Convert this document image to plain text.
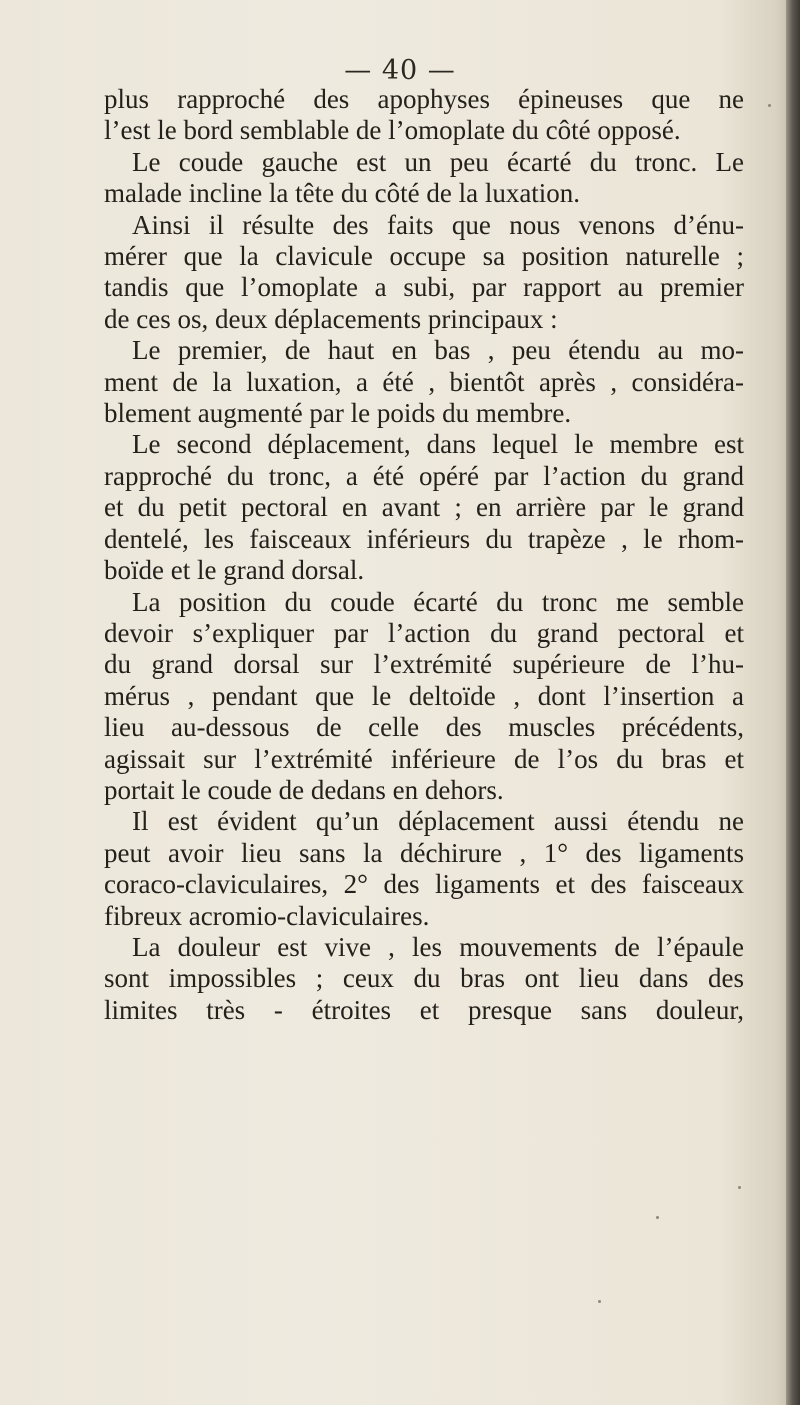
— 40 —
plus rapproché des apophyses épineuses que ne
l’est le bord semblable de l’omoplate du côté opposé.
Le coude gauche est un peu écarté du tronc. Le
malade incline la tête du côté de la luxation.
Ainsi il résulte des faits que nous venons d’énu-
mérer que la clavicule occupe sa position naturelle ;
tandis que l’omoplate a subi, par rapport au premier
de ces os, deux déplacements principaux :
Le premier, de haut en bas , peu étendu au mo-
ment de la luxation, a été , bientôt après , considéra-
blement augmenté par le poids du membre.
Le second déplacement, dans lequel le membre est
rapproché du tronc, a été opéré par l’action du grand
et du petit pectoral en avant ; en arrière par le grand
dentelé, les faisceaux inférieurs du trapèze , le rhom-
boïde et le grand dorsal.
La position du coude écarté du tronc me semble
devoir s’expliquer par l’action du grand pectoral et
du grand dorsal sur l’extrémité supérieure de l’hu-
mérus , pendant que le deltoïde , dont l’insertion a
lieu au-dessous de celle des muscles précédents,
agissait sur l’extrémité inférieure de l’os du bras et
portait le coude de dedans en dehors.
Il est évident qu’un déplacement aussi étendu ne
peut avoir lieu sans la déchirure , 1° des ligaments
coraco-claviculaires, 2° des ligaments et des faisceaux
fibreux acromio-claviculaires.
La douleur est vive , les mouvements de l’épaule
sont impossibles ; ceux du bras ont lieu dans des
limites très - étroites et presque sans douleur,
